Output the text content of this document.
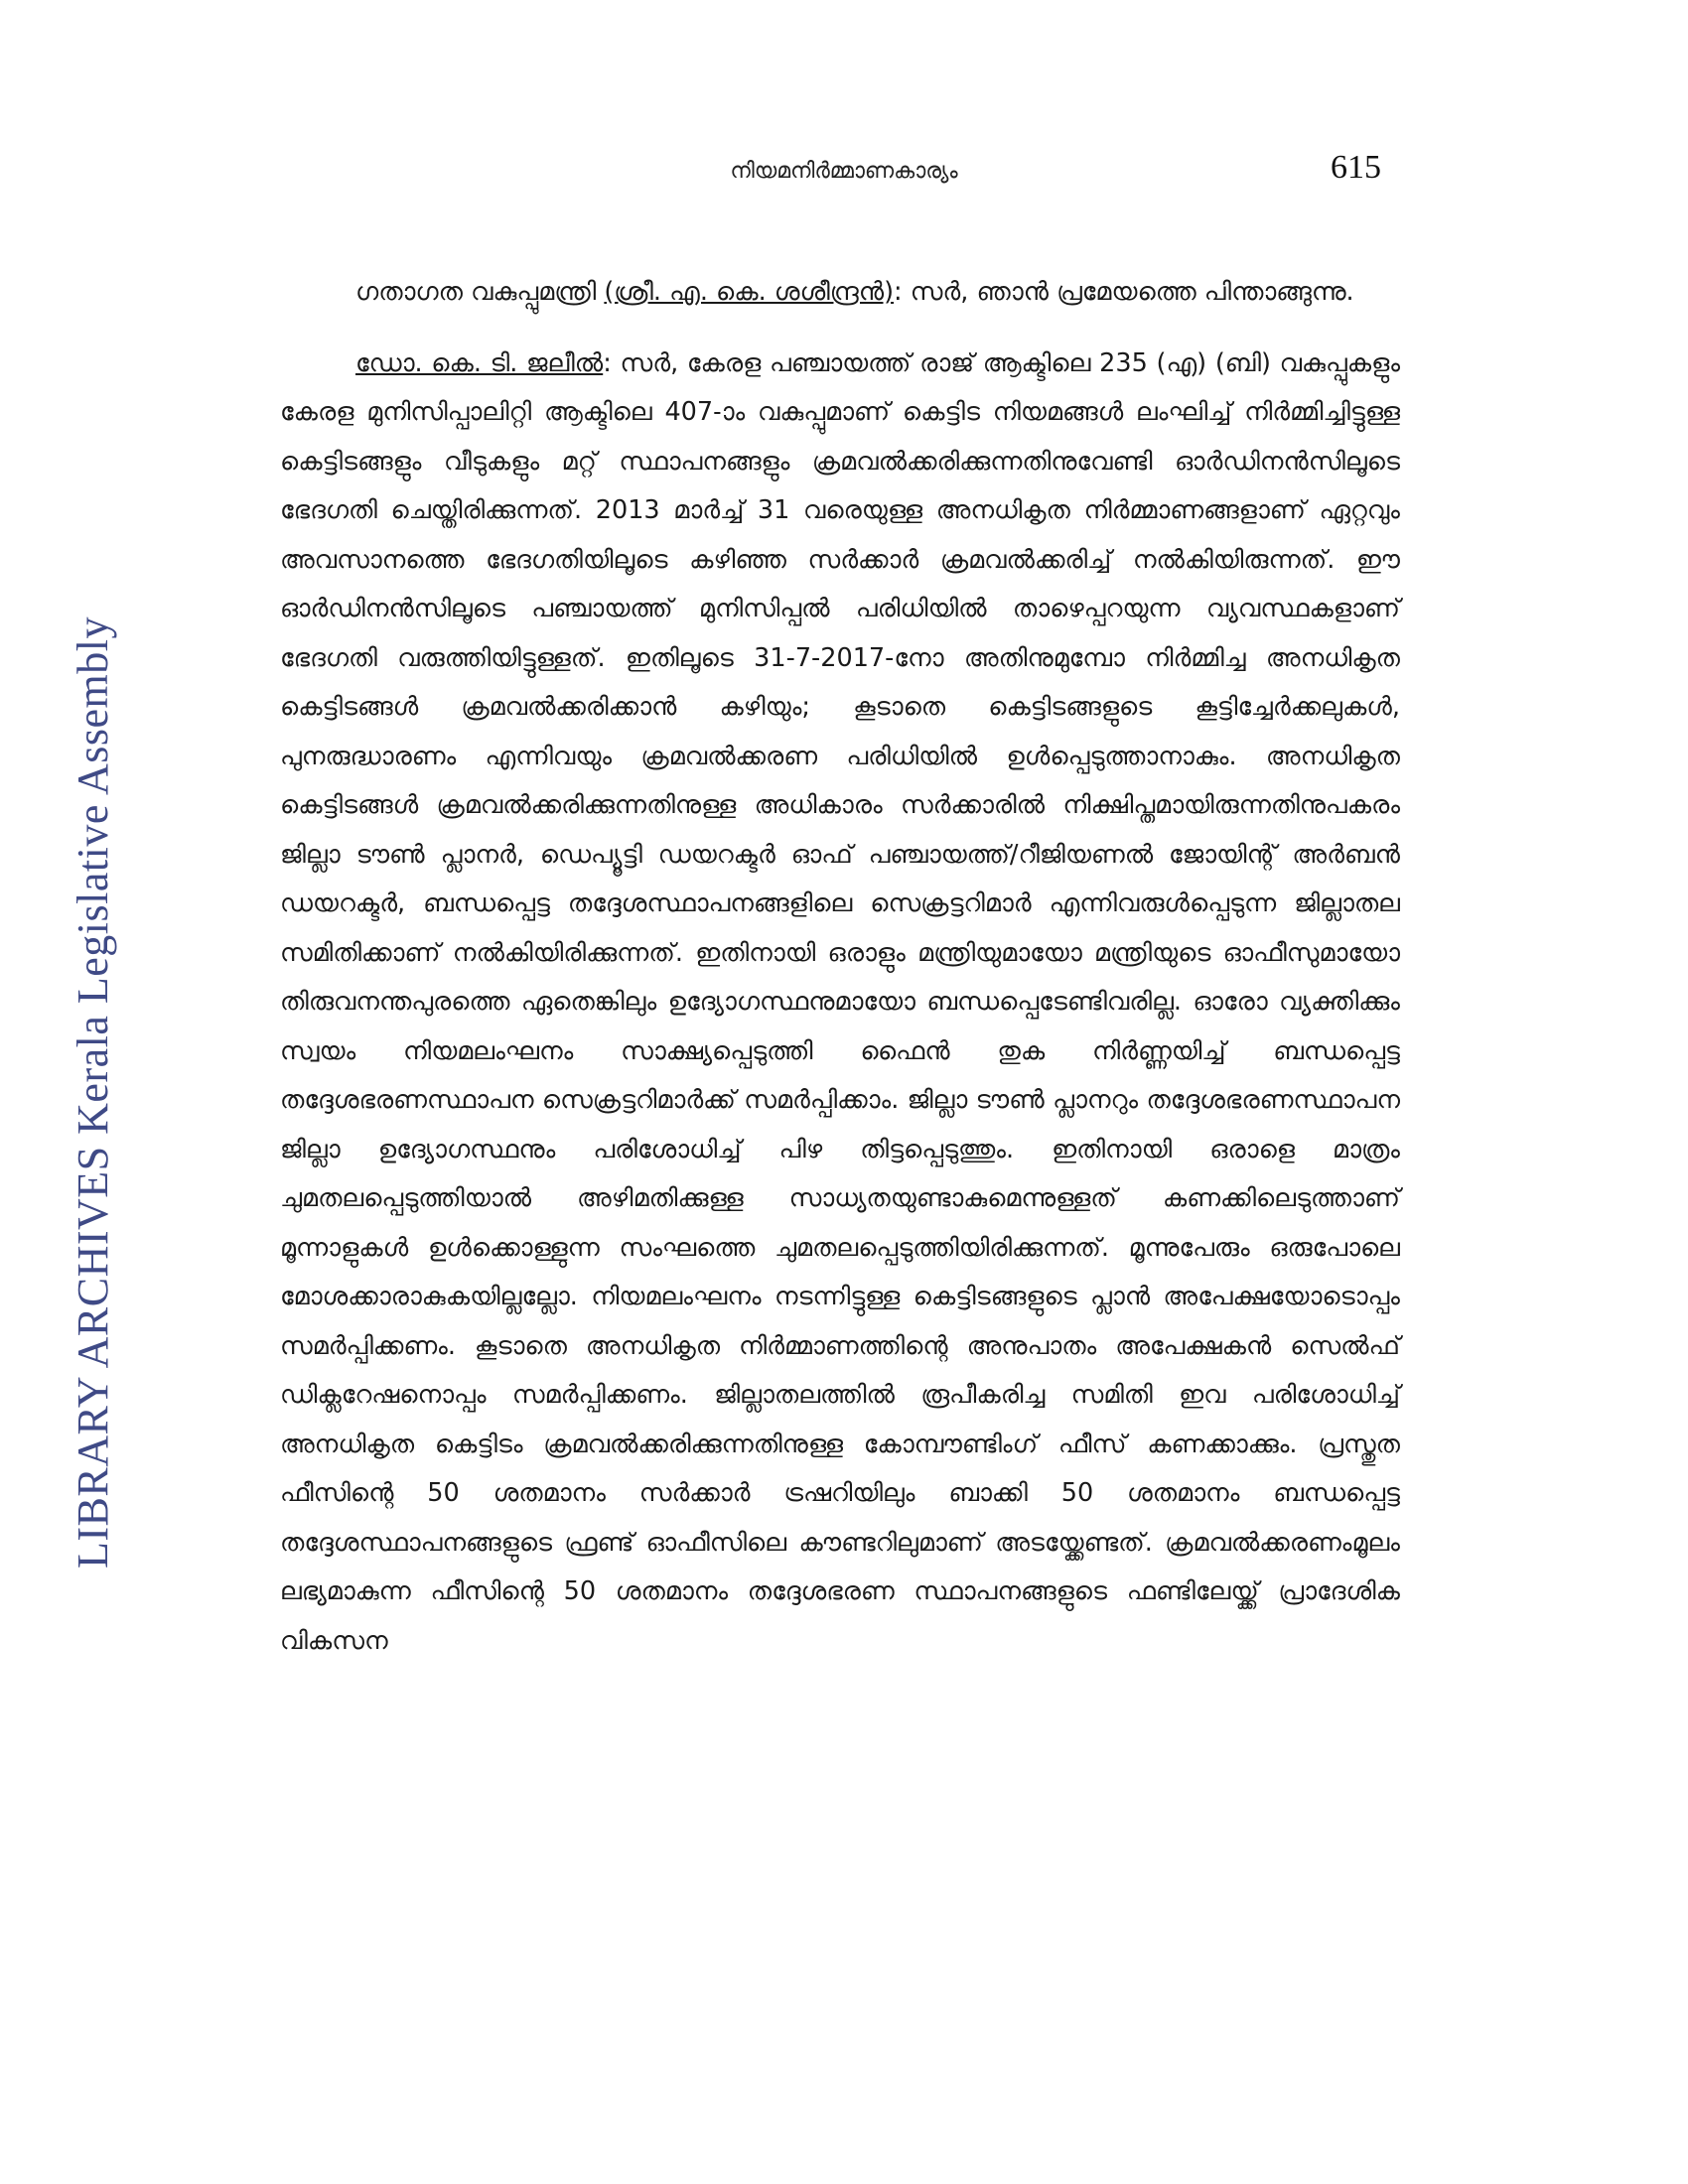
LIBRARY ARCHIVES Kerala Legislative Assembly
നിയമനിർമ്മാണകാര്യം	615

ഗതാഗത വകുപ്പുമന്ത്രി (ശ്രീ. എ. കെ. ശശീന്ദ്രൻ): സർ, ഞാൻ പ്രമേയത്തെ പിന്താങ്ങുന്നു.

ഡോ. കെ. ടി. ജലീൽ: സർ, കേരള പഞ്ചായത്ത് രാജ് ആക്ടിലെ 235 (എ) (ബി) വകുപ്പുകളും കേരള മുനിസിപ്പാലിറ്റി ആക്ടിലെ 407-ാം വകുപ്പുമാണ് കെട്ടിട നിയമങ്ങൾ ലംഘിച്ച് നിർമ്മിച്ചിട്ടുള്ള കെട്ടിടങ്ങളും വീടുകളും മറ്റ് സ്ഥാപനങ്ങളും ക്രമവൽക്കരിക്കുന്നതിനുവേണ്ടി ഓർഡിനൻസിലൂടെ ഭേദഗതി ചെയ്തിരിക്കുന്നത്. 2013 മാർച്ച് 31 വരെയുള്ള അനധികൃത നിർമ്മാണങ്ങളാണ് ഏറ്റവും അവസാനത്തെ ഭേദഗതിയിലൂടെ കഴിഞ്ഞ സർക്കാർ ക്രമവൽക്കരിച്ച് നൽകിയിരുന്നത്. ഈ ഓർഡിനൻസിലൂടെ പഞ്ചായത്ത് മുനിസിപ്പൽ പരിധിയിൽ താഴെപ്പറയുന്ന വ്യവസ്ഥകളാണ് ഭേദഗതി വരുത്തിയിട്ടുള്ളത്. ഇതിലൂടെ 31-7-2017-നോ അതിനുമുമ്പോ നിർമ്മിച്ച അനധികൃത കെട്ടിടങ്ങൾ ക്രമവൽക്കരിക്കാൻ കഴിയും; കൂടാതെ കെട്ടിടങ്ങളുടെ കൂട്ടിച്ചേർക്കലുകൾ, പുനരുദ്ധാരണം എന്നിവയും ക്രമവൽക്കരണ പരിധിയിൽ ഉൾപ്പെടുത്താനാകും. അനധികൃത കെട്ടിടങ്ങൾ ക്രമവൽക്കരിക്കുന്നതിനുള്ള അധികാരം സർക്കാരിൽ നിക്ഷിപ്തമായിരുന്നതിനുപകരം ജില്ലാ ടൗൺ പ്ലാനർ, ഡെപ്യൂട്ടി ഡയറക്ടർ ഓഫ് പഞ്ചായത്ത്/റീജിയണൽ ജോയിന്റ് അർബൻ ഡയറക്ടർ, ബന്ധപ്പെട്ട തദ്ദേശസ്ഥാപനങ്ങളിലെ സെക്രട്ടറിമാർ എന്നിവരുൾപ്പെടുന്ന ജില്ലാതല സമിതിക്കാണ് നൽകിയിരിക്കുന്നത്. ഇതിനായി ഒരാളും മന്ത്രിയുമായോ മന്ത്രിയുടെ ഓഫീസുമായോ തിരുവനന്തപുരത്തെ ഏതെങ്കിലും ഉദ്യോഗസ്ഥനുമായോ ബന്ധപ്പെടേണ്ടിവരില്ല. ഓരോ വ്യക്തിക്കും സ്വയം നിയമലംഘനം സാക്ഷ്യപ്പെടുത്തി ഫൈൻ തുക നിർണ്ണയിച്ച് ബന്ധപ്പെട്ട തദ്ദേശഭരണസ്ഥാപന സെക്രട്ടറിമാർക്ക് സമർപ്പിക്കാം. ജില്ലാ ടൗൺ പ്ലാനറും തദ്ദേശഭരണസ്ഥാപന ജില്ലാ ഉദ്യോഗസ്ഥനും പരിശോധിച്ച് പിഴ തിട്ടപ്പെടുത്തും. ഇതിനായി ഒരാളെ മാത്രം ചുമതലപ്പെടുത്തിയാൽ അഴിമതിക്കുള്ള സാധ്യതയുണ്ടാകുമെന്നുള്ളത് കണക്കിലെടുത്താണ് മൂന്നാളുകൾ ഉൾക്കൊള്ളുന്ന സംഘത്തെ ചുമതലപ്പെടുത്തിയിരിക്കുന്നത്. മൂന്നുപേരും ഒരുപോലെ മോശക്കാരാകുകയില്ലല്ലോ. നിയമലംഘനം നടന്നിട്ടുള്ള കെട്ടിടങ്ങളുടെ പ്ലാൻ അപേക്ഷയോടൊപ്പം സമർപ്പിക്കണം. കൂടാതെ അനധികൃത നിർമ്മാണത്തിന്റെ അനുപാതം അപേക്ഷകൻ സെൽഫ് ഡിക്ലറേഷനൊപ്പം സമർപ്പിക്കണം. ജില്ലാതലത്തിൽ രൂപീകരിച്ച സമിതി ഇവ പരിശോധിച്ച് അനധികൃത കെട്ടിടം ക്രമവൽക്കരിക്കുന്നതിനുള്ള കോമ്പൗണ്ടിംഗ് ഫീസ് കണക്കാക്കും. പ്രസ്തുത ഫീസിന്റെ 50 ശതമാനം സർക്കാർ ട്രഷറിയിലും ബാക്കി 50 ശതമാനം ബന്ധപ്പെട്ട തദ്ദേശസ്ഥാപനങ്ങളുടെ ഫ്രണ്ട് ഓഫീസിലെ കൗണ്ടറിലുമാണ് അടയ്ക്കേണ്ടത്. ക്രമവൽക്കരണംമൂലം ലഭ്യമാകുന്ന ഫീസിന്റെ 50 ശതമാനം തദ്ദേശഭരണ സ്ഥാപനങ്ങളുടെ ഫണ്ടിലേയ്ക്ക് പ്രാദേശിക വികസന
